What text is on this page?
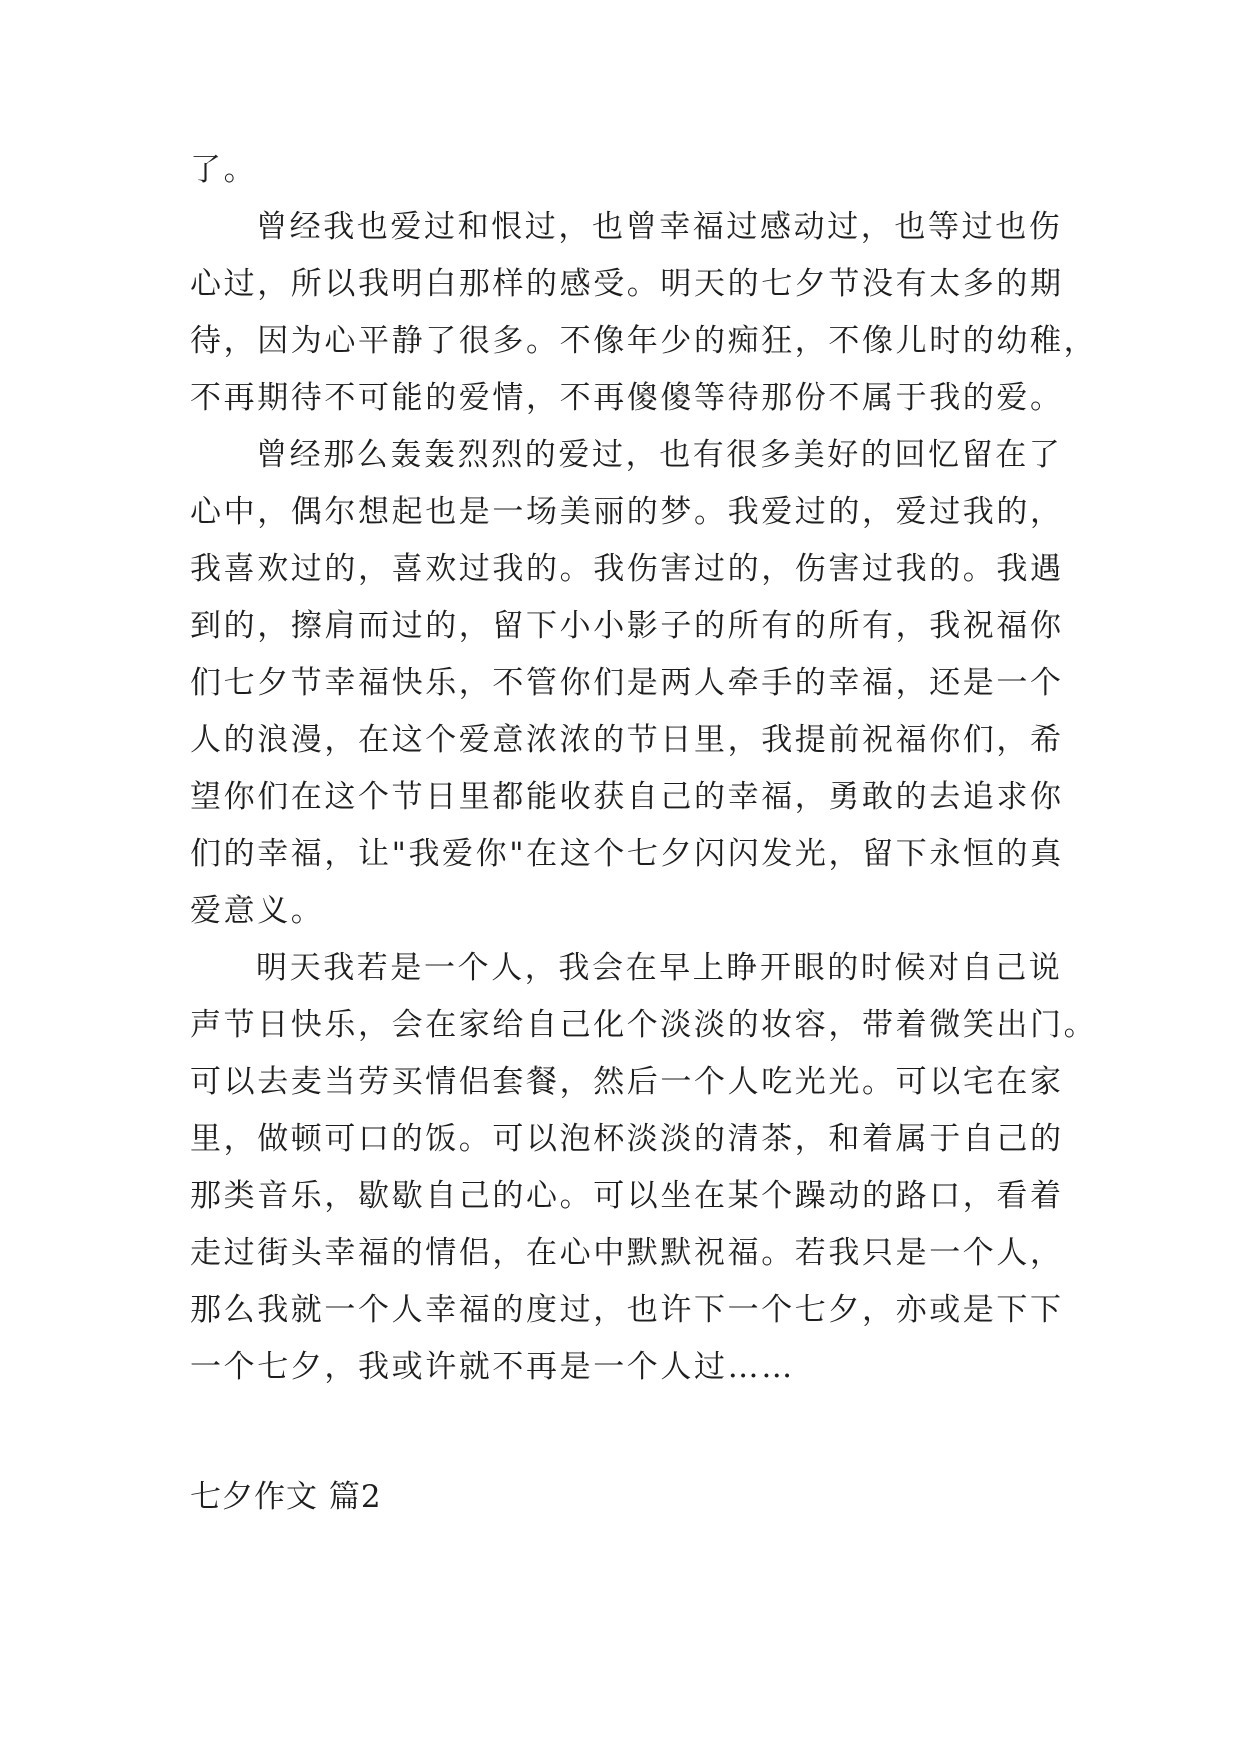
了。

曾经我也爱过和恨过，也曾幸福过感动过，也等过也伤

心过，所以我明白那样的感受。明天的七夕节没有太多的期

待，因为心平静了很多。不像年少的痴狂，不像儿时的幼稚，

不再期待不可能的爱情，不再傻傻等待那份不属于我的爱。

曾经那么轰轰烈烈的爱过，也有很多美好的回忆留在了

心中，偶尔想起也是一场美丽的梦。我爱过的，爱过我的，

我喜欢过的，喜欢过我的。我伤害过的，伤害过我的。我遇

到的，擦肩而过的，留下小小影子的所有的所有，我祝福你

们七夕节幸福快乐，不管你们是两人牵手的幸福，还是一个

人的浪漫，在这个爱意浓浓的节日里，我提前祝福你们，希

望你们在这个节日里都能收获自己的幸福，勇敢的去追求你

们的幸福，让"我爱你"在这个七夕闪闪发光，留下永恒的真

爱意义。

明天我若是一个人，我会在早上睁开眼的时候对自己说

声节日快乐，会在家给自己化个淡淡的妆容，带着微笑出门。

可以去麦当劳买情侣套餐，然后一个人吃光光。可以宅在家

里，做顿可口的饭。可以泡杯淡淡的清茶，和着属于自己的

那类音乐，歇歇自己的心。可以坐在某个躁动的路口，看着

走过街头幸福的情侣，在心中默默祝福。若我只是一个人，

那么我就一个人幸福的度过，也许下一个七夕，亦或是下下

一个七夕，我或许就不再是一个人过……

七夕作文 篇2
